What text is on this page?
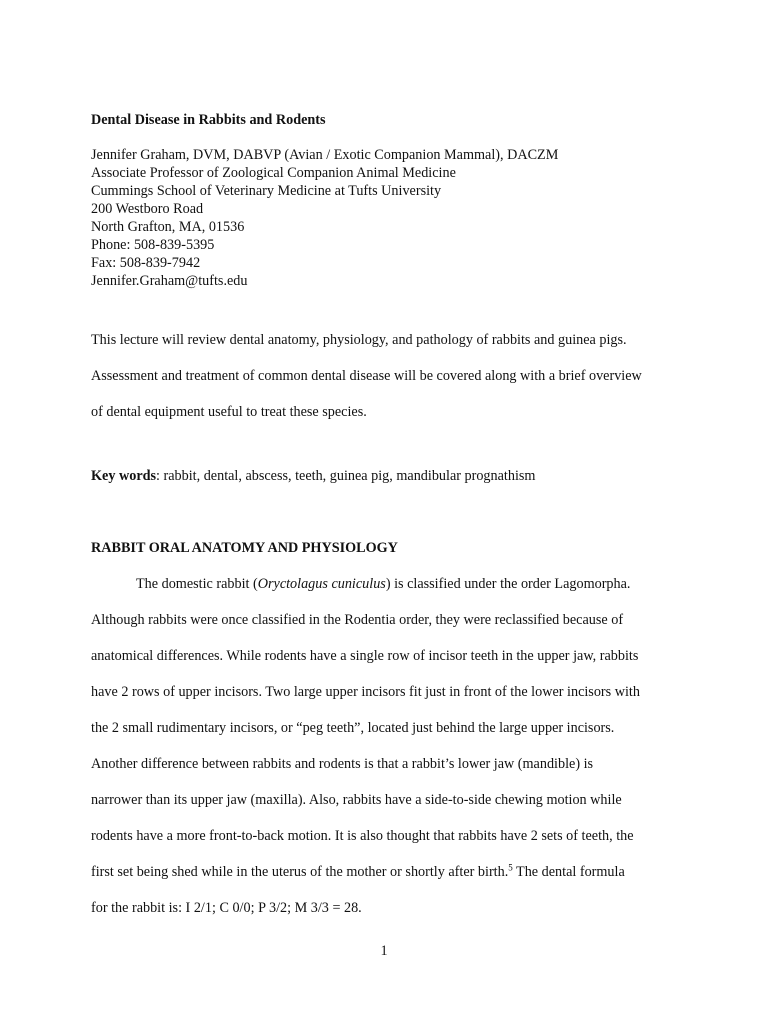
Dental Disease in Rabbits and Rodents
Jennifer Graham, DVM, DABVP (Avian / Exotic Companion Mammal), DACZM
Associate Professor of Zoological Companion Animal Medicine
Cummings School of Veterinary Medicine at Tufts University
200 Westboro Road
North Grafton, MA, 01536
Phone: 508-839-5395
Fax: 508-839-7942
Jennifer.Graham@tufts.edu
This lecture will review dental anatomy, physiology, and pathology of rabbits and guinea pigs.
Assessment and treatment of common dental disease will be covered along with a brief overview
of dental equipment useful to treat these species.
Key words: rabbit, dental, abscess, teeth, guinea pig, mandibular prognathism
RABBIT ORAL ANATOMY AND PHYSIOLOGY
The domestic rabbit (Oryctolagus cuniculus) is classified under the order Lagomorpha.
Although rabbits were once classified in the Rodentia order, they were reclassified because of
anatomical differences. While rodents have a single row of incisor teeth in the upper jaw, rabbits
have 2 rows of upper incisors. Two large upper incisors fit just in front of the lower incisors with
the 2 small rudimentary incisors, or “peg teeth”, located just behind the large upper incisors.
Another difference between rabbits and rodents is that a rabbit’s lower jaw (mandible) is
narrower than its upper jaw (maxilla). Also, rabbits have a side-to-side chewing motion while
rodents have a more front-to-back motion. It is also thought that rabbits have 2 sets of teeth, the
first set being shed while in the uterus of the mother or shortly after birth.$^5$ The dental formula
for the rabbit is: I 2/1; C 0/0; P 3/2; M 3/3 = 28.
1
